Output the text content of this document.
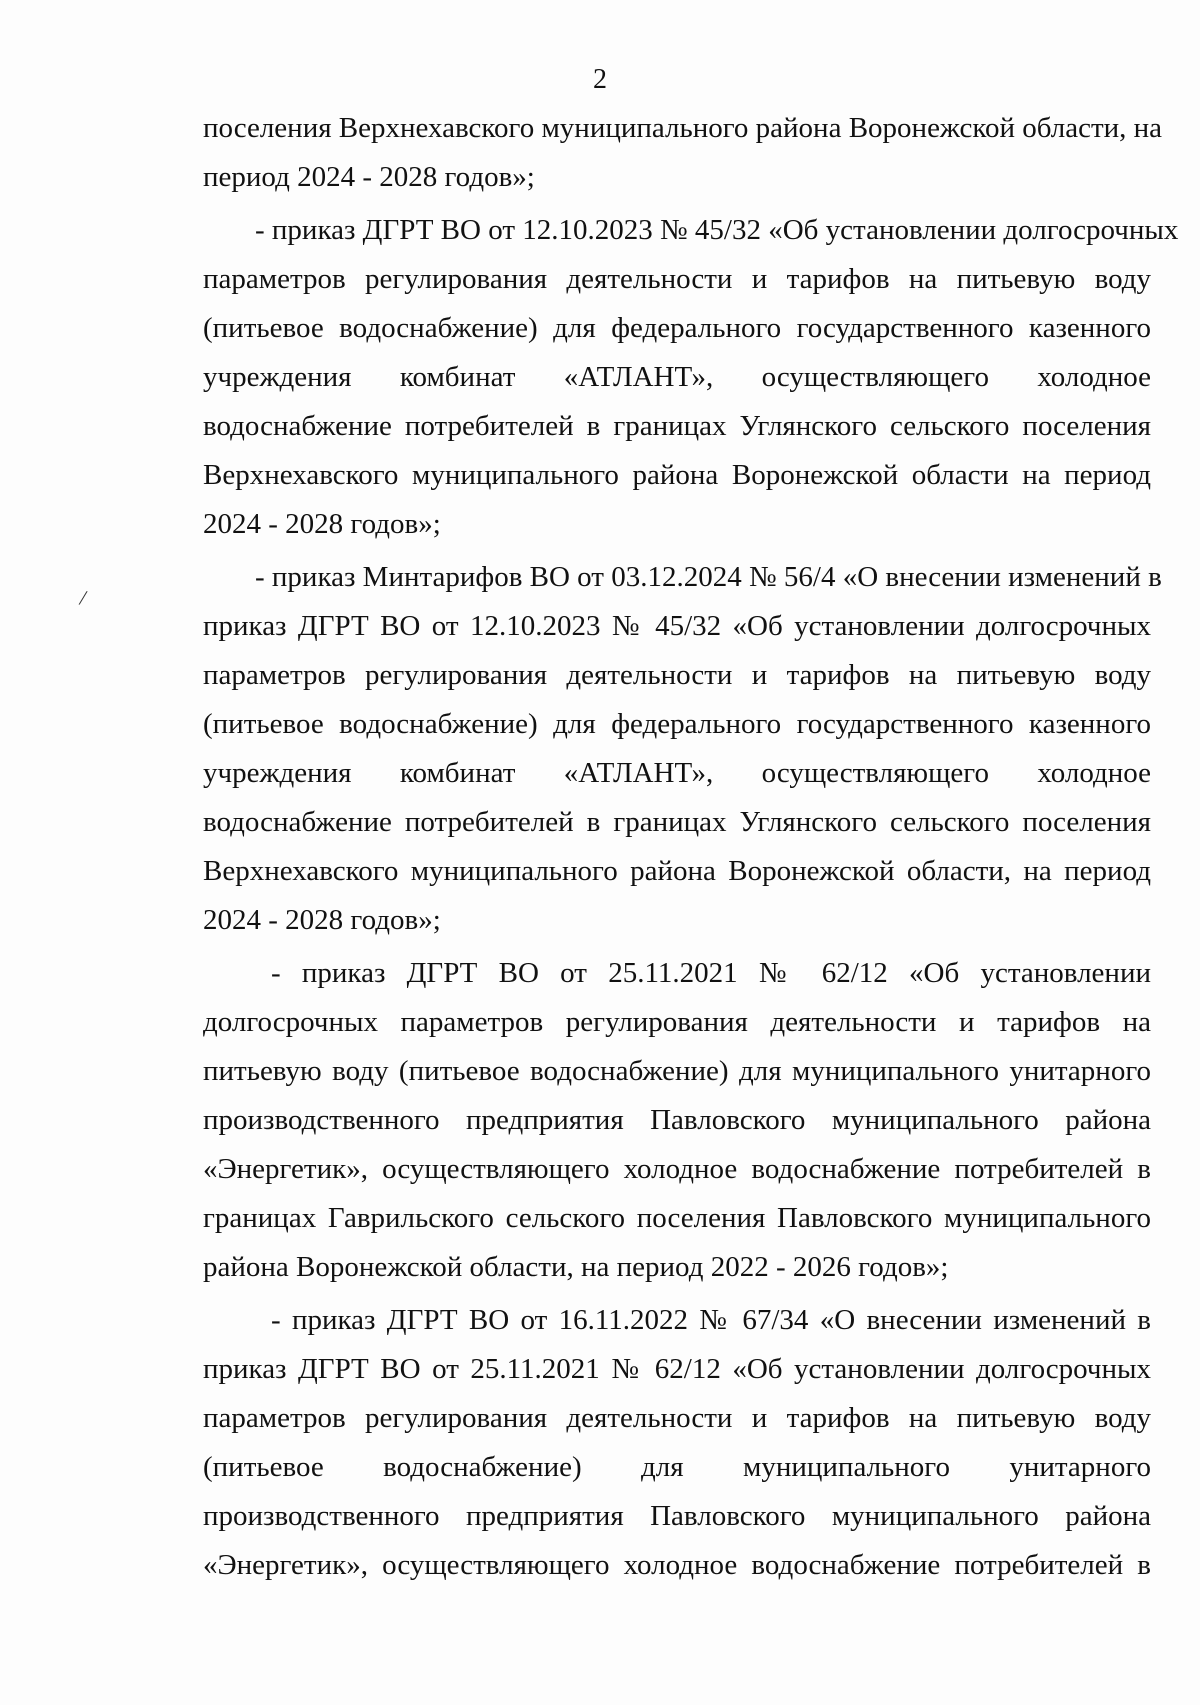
2
/
поселения Верхнехавского муниципального района Воронежской области, на
период 2024 - 2028 годов»;
- приказ ДГРТ ВО от 12.10.2023 № 45/32 «Об установлении долгосрочных
параметров регулирования деятельности и тарифов на питьевую воду
(питьевое водоснабжение) для федерального государственного казенного
учреждения комбинат «АТЛАНТ», осуществляющего холодное
водоснабжение потребителей в границах Углянского сельского поселения
Верхнехавского муниципального района Воронежской области на период
2024 - 2028 годов»;
- приказ Минтарифов ВО от 03.12.2024 № 56/4 «О внесении изменений в
приказ ДГРТ ВО от 12.10.2023 № 45/32 «Об установлении долгосрочных
параметров регулирования деятельности и тарифов на питьевую воду
(питьевое водоснабжение) для федерального государственного казенного
учреждения комбинат «АТЛАНТ», осуществляющего холодное
водоснабжение потребителей в границах Углянского сельского поселения
Верхнехавского муниципального района Воронежской области, на период
2024 - 2028 годов»;
- приказ ДГРТ ВО от 25.11.2021 № 62/12 «Об установлении
долгосрочных параметров регулирования деятельности и тарифов на
питьевую воду (питьевое водоснабжение) для муниципального унитарного
производственного предприятия Павловского муниципального района
«Энергетик», осуществляющего холодное водоснабжение потребителей в
границах Гаврильского сельского поселения Павловского муниципального
района Воронежской области, на период 2022 - 2026 годов»;
- приказ ДГРТ ВО от 16.11.2022 № 67/34 «О внесении изменений в
приказ ДГРТ ВО от 25.11.2021 № 62/12 «Об установлении долгосрочных
параметров регулирования деятельности и тарифов на питьевую воду
(питьевое водоснабжение) для муниципального унитарного
производственного предприятия Павловского муниципального района
«Энергетик», осуществляющего холодное водоснабжение потребителей в
